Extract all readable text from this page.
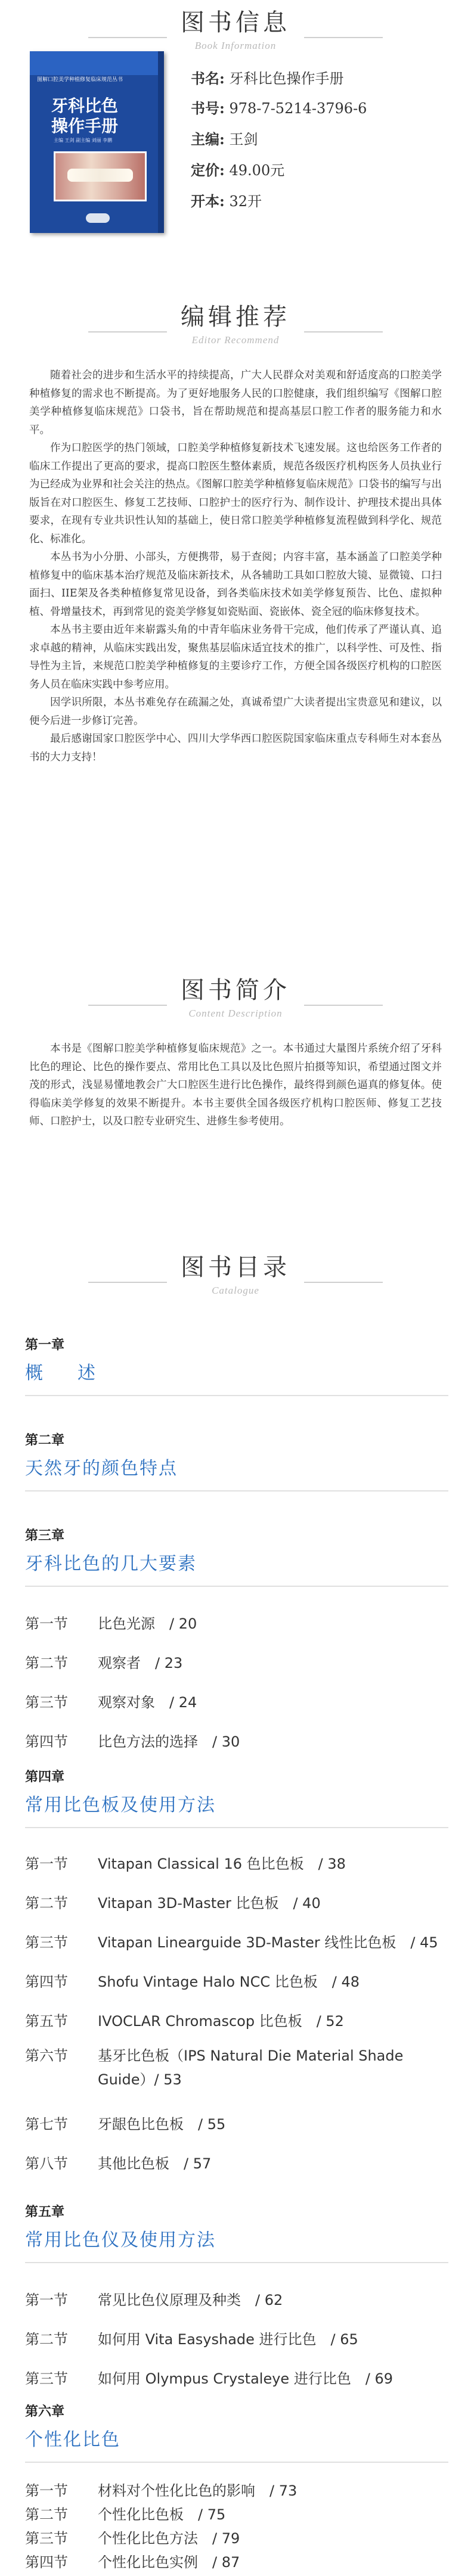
图书信息
Book Information
图解口腔美学种植修复临床规范丛书
牙科比色
操作手册
主编 王剑 副主编 刘丽 李鹏
书名: 牙科比色操作手册
书号: 978-7-5214-3796-6
主编: 王剑
定价: 49.00元
开本: 32开
编辑推荐
Editor Recommend

随着社会的进步和生活水平的持续提高，广大人民群众对美观和舒适度高的口腔美学种植修复的需求也不断提高。为了更好地服务人民的口腔健康，我们组织编写《图解口腔美学种植修复临床规范》口袋书，旨在帮助规范和提高基层口腔工作者的服务能力和水平。

作为口腔医学的热门领域，口腔美学种植修复新技术飞速发展。这也给医务工作者的临床工作提出了更高的要求，提高口腔医生整体素质，规范各级医疗机构医务人员执业行为已经成为业界和社会关注的热点。《图解口腔美学种植修复临床规范》口袋书的编写与出版旨在对口腔医生、修复工艺技师、口腔护士的医疗行为、制作设计、护理技术提出具体要求，在现有专业共识性认知的基础上，使日常口腔美学种植修复流程做到科学化、规范化、标准化。

本丛书为小分册、小部头，方便携带，易于查阅；内容丰富，基本涵盖了口腔美学种植修复中的临床基本治疗规范及临床新技术，从各辅助工具如口腔放大镜、显微镜、口扫面扫、IIE架及各类种植修复常见设备，到各类临床技术如美学修复预告、比色、虚拟种植、骨增量技术，再到常见的瓷美学修复如瓷贴面、瓷嵌体、瓷全冠的临床修复技术。

本丛书主要由近年来崭露头角的中青年临床业务骨干完成，他们传承了严谨认真、追求卓越的精神，从临床实践出发，聚焦基层临床适宜技术的推广，以科学性、可及性、指导性为主旨，来规范口腔美学种植修复的主要诊疗工作，方便全国各级医疗机构的口腔医务人员在临床实践中参考应用。

因学识所限，本丛书难免存在疏漏之处，真诚希望广大读者提出宝贵意见和建议，以便今后进一步修订完善。

最后感谢国家口腔医学中心、四川大学华西口腔医院国家临床重点专科师生对本套丛书的大力支持！

图书简介
Content Description

本书是《图解口腔美学种植修复临床规范》之一。本书通过大量图片系统介绍了牙科比色的理论、比色的操作要点、常用比色工具以及比色照片拍摄等知识，希望通过图文并茂的形式，浅显易懂地教会广大口腔医生进行比色操作，最终得到颜色逼真的修复体。使得临床美学修复的效果不断提升。本书主要供全国各级医疗机构口腔医师、修复工艺技师、口腔护士，以及口腔专业研究生、进修生参考使用。

图书目录
Catalogue
第一章
概　述
第二章
天然牙的颜色特点
第三章
牙科比色的几大要素
第一节	比色光源　/ 20
第二节	观察者　/ 23
第三节	观察对象　/ 24
第四节	比色方法的选择　/ 30
第四章
常用比色板及使用方法
第一节	Vitapan Classical 16 色比色板　/ 38
第二节	Vitapan 3D-Master 比色板　/ 40
第三节	Vitapan Linearguide 3D-Master 线性比色板　/ 45
第四节	Shofu Vintage Halo NCC 比色板　/ 48
第五节	IVOCLAR Chromascop 比色板　/ 52
第六节	基牙比色板（IPS Natural Die Material Shade Guide）/ 53
第七节	牙龈色比色板　/ 55
第八节	其他比色板　/ 57
第五章
常用比色仪及使用方法
第一节	常见比色仪原理及种类　/ 62
第二节	如何用 Vita Easyshade 进行比色　/ 65
第三节	如何用 Olympus Crystaleye 进行比色　/ 69
第六章
个性化比色
第一节	材料对个性化比色的影响　/ 73
第二节	个性化比色板　/ 75
第三节	个性化比色方法　/ 79
第四节	个性化比色实例　/ 87
